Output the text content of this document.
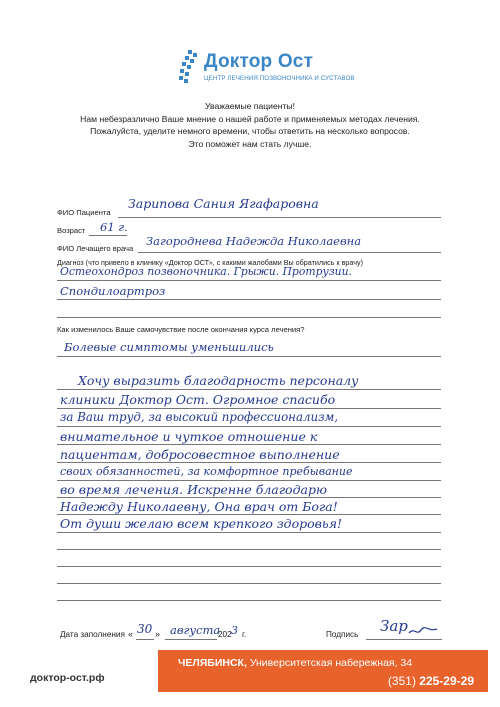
Доктор Ост
ЦЕНТР ЛЕЧЕНИЯ ПОЗВОНОЧНИКА И СУСТАВОВ
Уважаемые пациенты!
Нам небезразлично Ваше мнение о нашей работе и применяемых методах лечения.
Пожалуйста, уделите немного времени, чтобы ответить на несколько вопросов.
Это поможет нам стать лучше.
ФИО Пациента
Зарипова Сания Ягафаровна
Возраст 61 г.
ФИО Лечащего врача
Загороднева Надежда Николаевна
Диагноз (что привело в клинику «Доктор ОСТ», с какими жалобами Вы обратились к врачу)
Остеохондроз позвоночника. Грыжи. Протрузии.
Спондилоартроз
Как изменилось Ваше самочувствие после окончания курса лечения?
Болевые симптомы уменьшились
Хочу выразить благодарность персоналу
клиники Доктор Ост. Огромное спасибо
за Ваш труд, за высокий профессионализм,
внимательное и чуткое отношение к
пациентам, добросовестное выполнение
своих обязанностей, за комфортное пребывание
во время лечения. Искренне благодарю
Надежду Николаевну, Она врач от Бога!
От души желаю всем крепкого здоровья!
Дата заполнения « 30 » августа
202 3 г.	Подпись Зар
доктор-ост.рф
ЧЕЛЯБИНСК, Университетская набережная, 34
(351) 225-29-29
